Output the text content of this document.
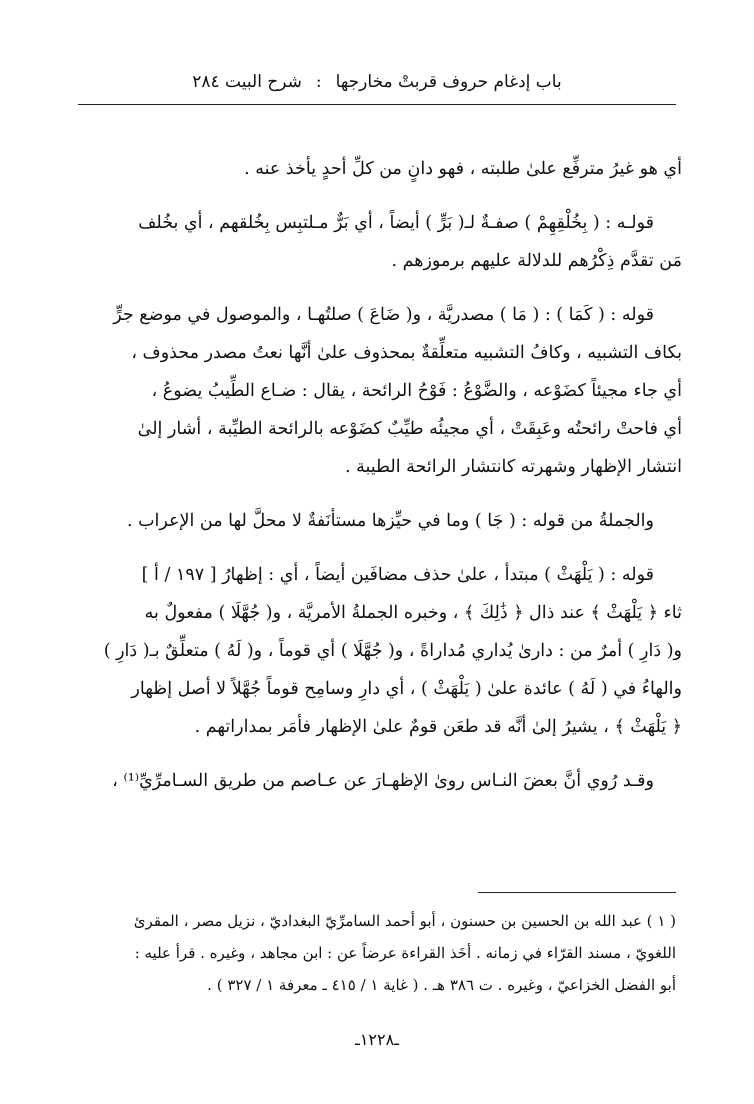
باب إدغام حروف قربتْ مخارجها:شرح البيت ٢٨٤

أي هو غيرُ مترفِّع علىٰ طلبته ، فهو دانٍ من كلِّ أحدٍ يأخذ عنه .

قولـه : ( بِخُلْقِهِمْ ) صفـةٌ لـ( بَرٍّ ) أيضاً ، أي بَرٌّ مـلتبِس بِخُلقهم ، أي بخُلف
مَن تقدَّم ذِكْرُهم للدلالة عليهم برموزهم .

قوله : ( كَمَا ) : ( مَا ) مصدريَّة ، و( ضَاعَ ) صلتُهـا ، والموصول في موضع جرٍّ
بكاف التشبيه ، وكافُ التشبيه متعلِّقةٌ بمحذوف علىٰ أنَّها نعتُ مصدر محذوف ،
أي جاء مجيئاً كضَوْعه ، والضَّوْعُ : فَوْحُ الرائحة ، يقال : ضـاع الطِّيبُ يضوعُ ،
أي فاحتْ رائحتُه وعَبِقَتْ ، أي مجيئُه طيِّبٌ كضَوْعه بالرائحة الطيِّبة ، أشار إلىٰ
انتشار الإظهار وشهرته كانتشار الرائحة الطيبة .

والجملةُ من قوله : ( جَا ) وما في حيِّزها مستأنَفةٌ لا محلَّ لها من الإعراب .

قوله : ( يَلْهَثْ ) مبتدأ ، علىٰ حذف مضافَين أيضاً ، أي : إظهارُ [ ١٩٧ / أ ]
ثاء ﴿ يَلْهَثْ ﴾ عند ذال ﴿ ذَٰلِكَ ﴾ ، وخبره الجملةُ الأمريَّة ، و( جُهَّلَا ) مفعولٌ به
و( دَارِ ) أمرٌ من : دارىٰ يُداري مُداراةً ، و( جُهَّلَا ) أي قوماً ، و( لَهُ ) متعلِّقٌ بـ( دَارِ )
والهاءُ في ( لَهُ ) عائدة علىٰ ( يَلْهَثْ ) ، أي دارِ وسامِح قوماً جُهَّلاً لا أصل إظهار
﴿ يَلْهَثْ ﴾ ، يشيرُ إلىٰ أنَّه قد طعَن قومٌ علىٰ الإظهار فأمَر بمداراتهم .

وقـد رُوي أنَّ بعضَ النـاس روىٰ الإظهـارَ عن عـاصم من طريق السـامرِّيِّ⁽¹⁾ ،

( ١ ) عبد الله بن الحسين بن حسنون ، أبو أحمد السامرِّيّ البغداديّ ، نزيل مصر ، المقرئ
اللغويّ ، مسند القرّاء في زمانه . أخَذ القراءة عرضاً عن : ابن مجاهد ، وغيره . قرأ عليه :
أبو الفضل الخزاعيّ ، وغيره . ت ٣٨٦ هـ . ( غاية ١ / ٤١٥ ـ معرفة ١ / ٣٢٧ ) .
ـ١٢٢٨ـ
